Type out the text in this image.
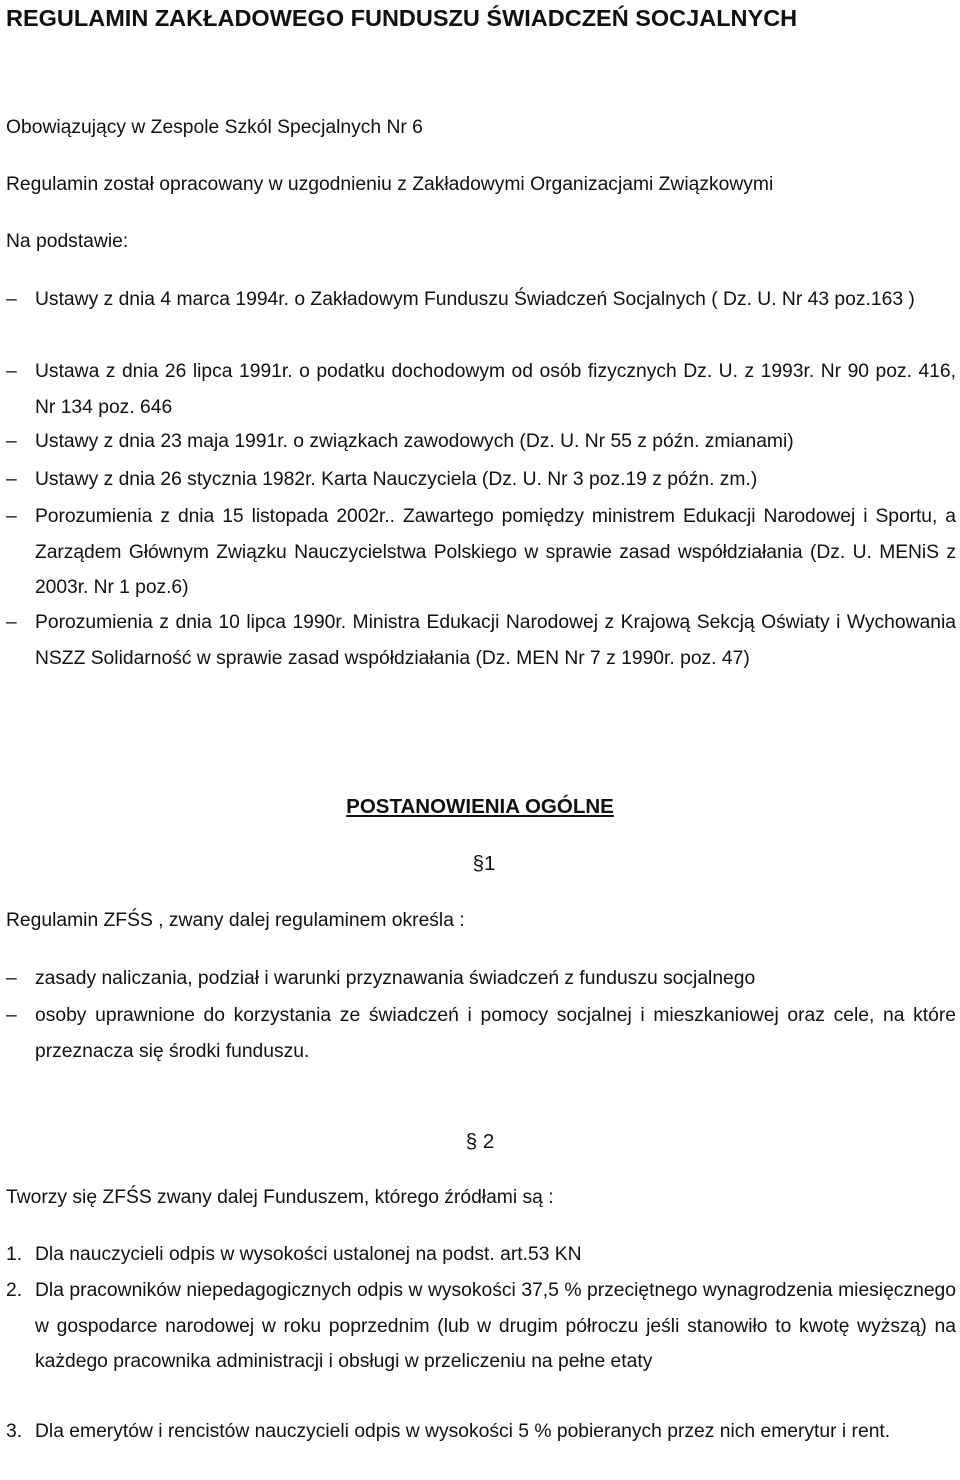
REGULAMIN ZAKŁADOWEGO FUNDUSZU ŚWIADCZEŃ SOCJALNYCH
Obowiązujący w Zespole Szkól Specjalnych Nr 6
Regulamin został opracowany w uzgodnieniu z Zakładowymi Organizacjami Związkowymi
Na podstawie:
– Ustawy z dnia 4 marca 1994r. o Zakładowym Funduszu Świadczeń Socjalnych ( Dz. U. Nr 43 poz.163 )
– Ustawa z dnia 26 lipca 1991r. o podatku dochodowym od osób fizycznych Dz. U. z 1993r. Nr 90 poz. 416, Nr 134 poz. 646
– Ustawy z dnia 23 maja 1991r. o związkach zawodowych (Dz. U. Nr 55 z późn. zmianami)
– Ustawy z dnia 26 stycznia 1982r. Karta Nauczyciela (Dz. U. Nr 3 poz.19 z późn. zm.)
– Porozumienia z dnia 15 listopada 2002r.. Zawartego pomiędzy ministrem Edukacji Narodowej i Sportu, a Zarządem Głównym Związku Nauczycielstwa Polskiego w sprawie zasad współdziałania (Dz. U. MENiS z 2003r. Nr 1 poz.6)
– Porozumienia z dnia 10 lipca 1990r. Ministra Edukacji Narodowej z Krajową Sekcją Oświaty i Wychowania NSZZ Solidarność w sprawie zasad współdziałania (Dz. MEN Nr 7 z 1990r. poz. 47)
POSTANOWIENIA OGÓLNE
§1
Regulamin ZFŚS , zwany dalej regulaminem określa :
– zasady naliczania, podział i warunki przyznawania świadczeń z funduszu socjalnego
– osoby uprawnione do korzystania ze świadczeń i pomocy socjalnej i mieszkaniowej oraz cele, na które przeznacza się środki funduszu.
§ 2
Tworzy się ZFŚS zwany dalej Funduszem, którego źródłami są :
1. Dla nauczycieli odpis w wysokości ustalonej na podst. art.53 KN
2. Dla pracowników niepedagogicznych odpis w wysokości 37,5 % przeciętnego wynagrodzenia miesięcznego w gospodarce narodowej w roku poprzednim (lub w drugim półroczu jeśli stanowiło to kwotę wyższą) na każdego pracownika administracji i obsługi w przeliczeniu na pełne etaty
3. Dla emerytów i rencistów nauczycieli odpis w wysokości 5 % pobieranych przez nich emerytur i rent.
